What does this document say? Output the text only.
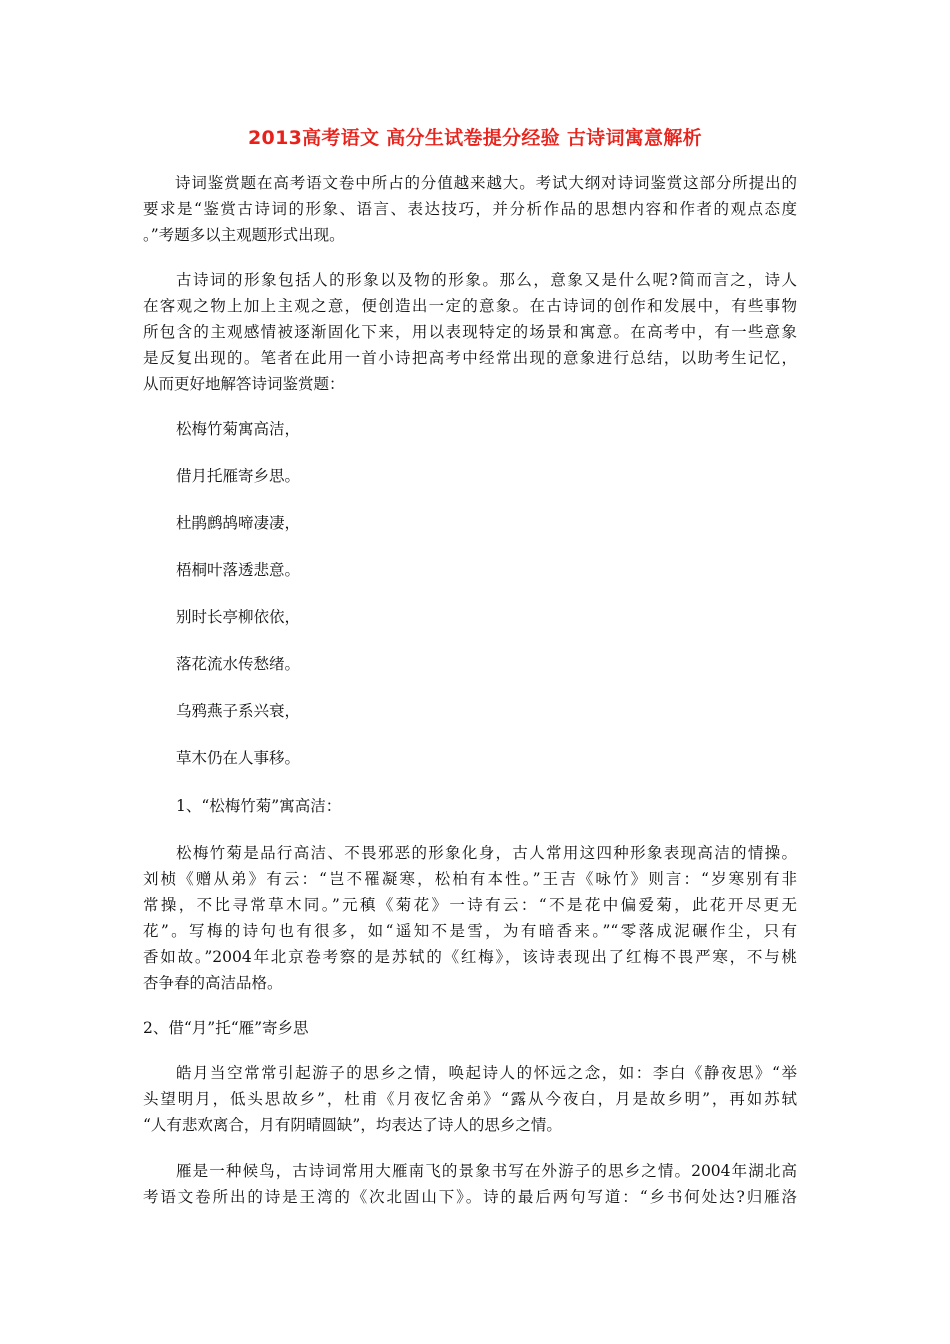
2013高考语文 高分生试卷提分经验 古诗词寓意解析
诗词鉴赏题在高考语文卷中所占的分值越来越大。考试大纲对诗词鉴赏这部分所提出的
要求是“鉴赏古诗词的形象、语言、表达技巧，并分析作品的思想内容和作者的观点态度
。”考题多以主观题形式出现。
古诗词的形象包括人的形象以及物的形象。那么，意象又是什么呢?简而言之，诗人
在客观之物上加上主观之意，便创造出一定的意象。在古诗词的创作和发展中，有些事物
所包含的主观感情被逐渐固化下来，用以表现特定的场景和寓意。在高考中，有一些意象
是反复出现的。笔者在此用一首小诗把高考中经常出现的意象进行总结，以助考生记忆，
从而更好地解答诗词鉴赏题：
松梅竹菊寓高洁，
借月托雁寄乡思。
杜鹃鹧鸪啼凄凄，
梧桐叶落透悲意。
别时长亭柳依依，
落花流水传愁绪。
乌鸦燕子系兴衰，
草木仍在人事移。
1、“松梅竹菊”寓高洁：
松梅竹菊是品行高洁、不畏邪恶的形象化身，古人常用这四种形象表现高洁的情操。
刘桢《赠从弟》有云：“岂不罹凝寒，松柏有本性。”王吉《咏竹》则言：“岁寒别有非
常操，不比寻常草木同。”元稹《菊花》一诗有云：“不是花中偏爱菊，此花开尽更无
花”。写梅的诗句也有很多，如“遥知不是雪，为有暗香来。”“零落成泥碾作尘，只有
香如故。”2004年北京卷考察的是苏轼的《红梅》，该诗表现出了红梅不畏严寒，不与桃
杏争春的高洁品格。
2、借“月”托“雁”寄乡思
皓月当空常常引起游子的思乡之情，唤起诗人的怀远之念，如：李白《静夜思》“举
头望明月，低头思故乡”，杜甫《月夜忆舍弟》“露从今夜白，月是故乡明”，再如苏轼
“人有悲欢离合，月有阴晴圆缺”，均表达了诗人的思乡之情。
雁是一种候鸟，古诗词常用大雁南飞的景象书写在外游子的思乡之情。2004年湖北高
考语文卷所出的诗是王湾的《次北固山下》。诗的最后两句写道：“乡书何处达?归雁洛
